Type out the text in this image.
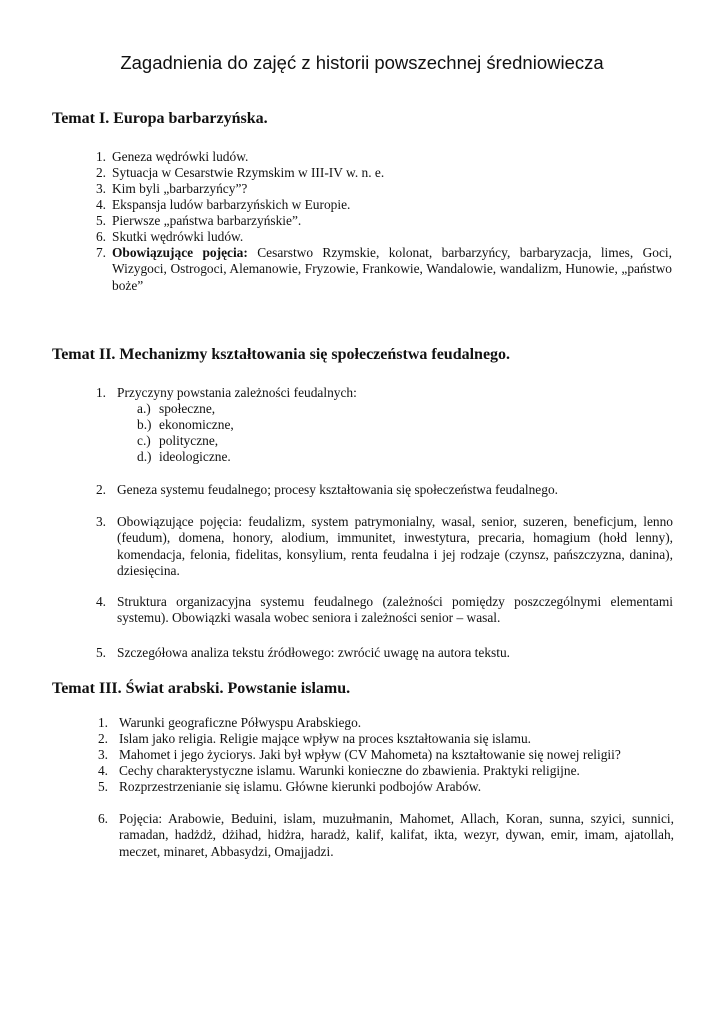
Zagadnienia do zajęć z historii powszechnej średniowiecza
Temat I. Europa barbarzyńska.
1. Geneza wędrówki ludów.
2. Sytuacja w Cesarstwie Rzymskim w III-IV w. n. e.
3. Kim byli „barbarzyńcy”?
4. Ekspansja ludów barbarzyńskich w Europie.
5. Pierwsze „państwa barbarzyńskie”.
6. Skutki wędrówki ludów.
7. Obowiązujące pojęcia: Cesarstwo Rzymskie, kolonat, barbarzyńcy, barbaryzacja, limes, Goci, Wizygoci, Ostrogoci, Alemanowie, Fryzowie, Frankowie, Wandalowie, wandalizm, Hunowie, „państwo boże”
Temat II. Mechanizmy kształtowania się społeczeństwa feudalnego.
1. Przyczyny powstania zależności feudalnych:
a.) społeczne,
b.) ekonomiczne,
c.) polityczne,
d.) ideologiczne.
2. Geneza systemu feudalnego; procesy kształtowania się społeczeństwa feudalnego.
3. Obowiązujące pojęcia: feudalizm, system patrymonialny, wasal, senior, suzeren, beneficjum, lenno (feudum), domena, honory, alodium, immunitet, inwestytura, precaria, homagium (hołd lenny), komendacja, felonia, fidelitas, konsylium, renta feudalna i jej rodzaje (czynsz, pańszczyzna, danina), dziesięcina.
4. Struktura organizacyjna systemu feudalnego (zależności pomiędzy poszczególnymi elementami systemu). Obowiązki wasala wobec seniora i zależności senior – wasal.
5. Szczegółowa analiza tekstu źródłowego: zwrócić uwagę na autora tekstu.
Temat III. Świat arabski. Powstanie islamu.
1. Warunki geograficzne Półwyspu Arabskiego.
2. Islam jako religia. Religie mające wpływ na proces kształtowania się islamu.
3. Mahomet i jego życiorys. Jaki był wpływ (CV Mahometa) na kształtowanie się nowej religii?
4. Cechy charakterystyczne islamu. Warunki konieczne do zbawienia. Praktyki religijne.
5. Rozprzestrzenianie się islamu. Główne kierunki podbojów Arabów.
6. Pojęcia: Arabowie, Beduini, islam, muzułmanin, Mahomet, Allach, Koran, sunna, szyici, sunnici, ramadan, hadżdż, dżihad, hidżra, haradż, kalif, kalifat, ikta, wezyr, dywan, emir, imam, ajatollah, meczet, minaret, Abbasydzi, Omajjadzi.
